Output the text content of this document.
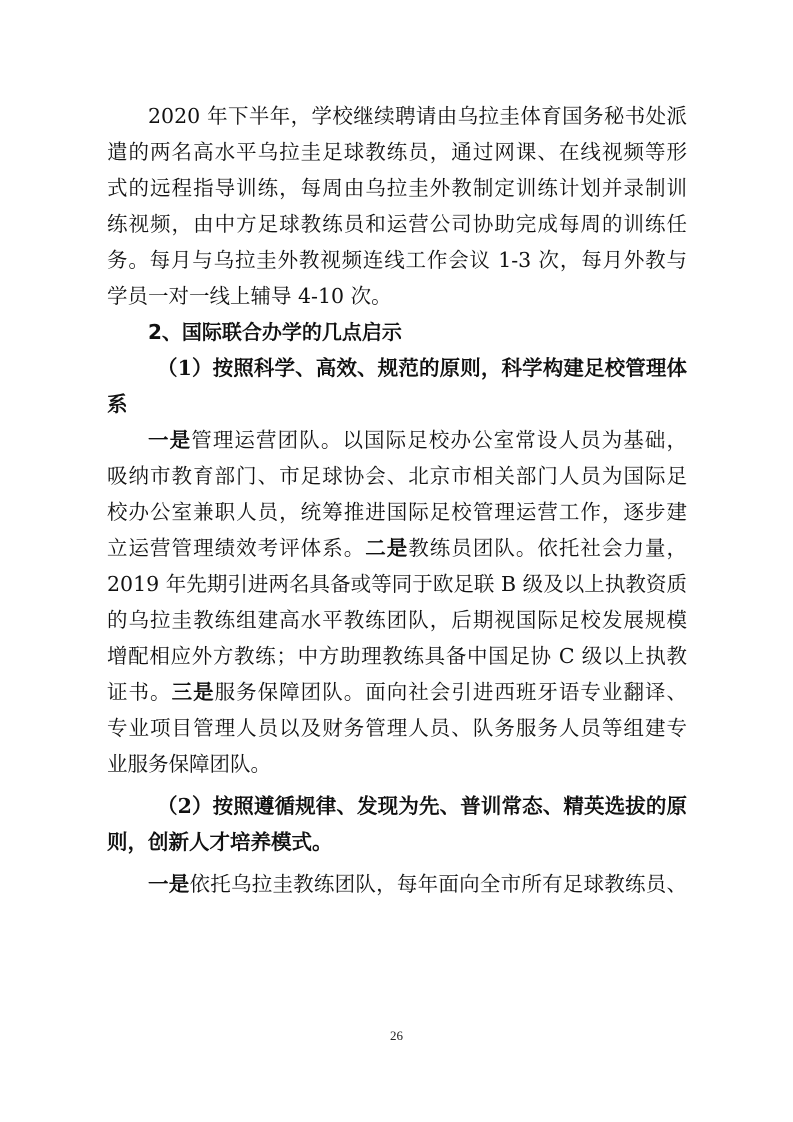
2020 年下半年，学校继续聘请由乌拉圭体育国务秘书处派
遣的两名高水平乌拉圭足球教练员，通过网课、在线视频等形
式的远程指导训练，每周由乌拉圭外教制定训练计划并录制训
练视频，由中方足球教练员和运营公司协助完成每周的训练任
务。每月与乌拉圭外教视频连线工作会议 1-3 次，每月外教与
学员一对一线上辅导 4-10 次。
2、国际联合办学的几点启示
（1）按照科学、高效、规范的原则，科学构建足校管理体
系
一是管理运营团队。以国际足校办公室常设人员为基础，
吸纳市教育部门、市足球协会、北京市相关部门人员为国际足
校办公室兼职人员，统筹推进国际足校管理运营工作，逐步建
立运营管理绩效考评体系。二是教练员团队。依托社会力量，
2019 年先期引进两名具备或等同于欧足联 B 级及以上执教资质
的乌拉圭教练组建高水平教练团队，后期视国际足校发展规模
增配相应外方教练；中方助理教练具备中国足协 C 级以上执教
证书。三是服务保障团队。面向社会引进西班牙语专业翻译、
专业项目管理人员以及财务管理人员、队务服务人员等组建专
业服务保障团队。
（2）按照遵循规律、发现为先、普训常态、精英选拔的原
则，创新人才培养模式。
一是依托乌拉圭教练团队，每年面向全市所有足球教练员、
26
